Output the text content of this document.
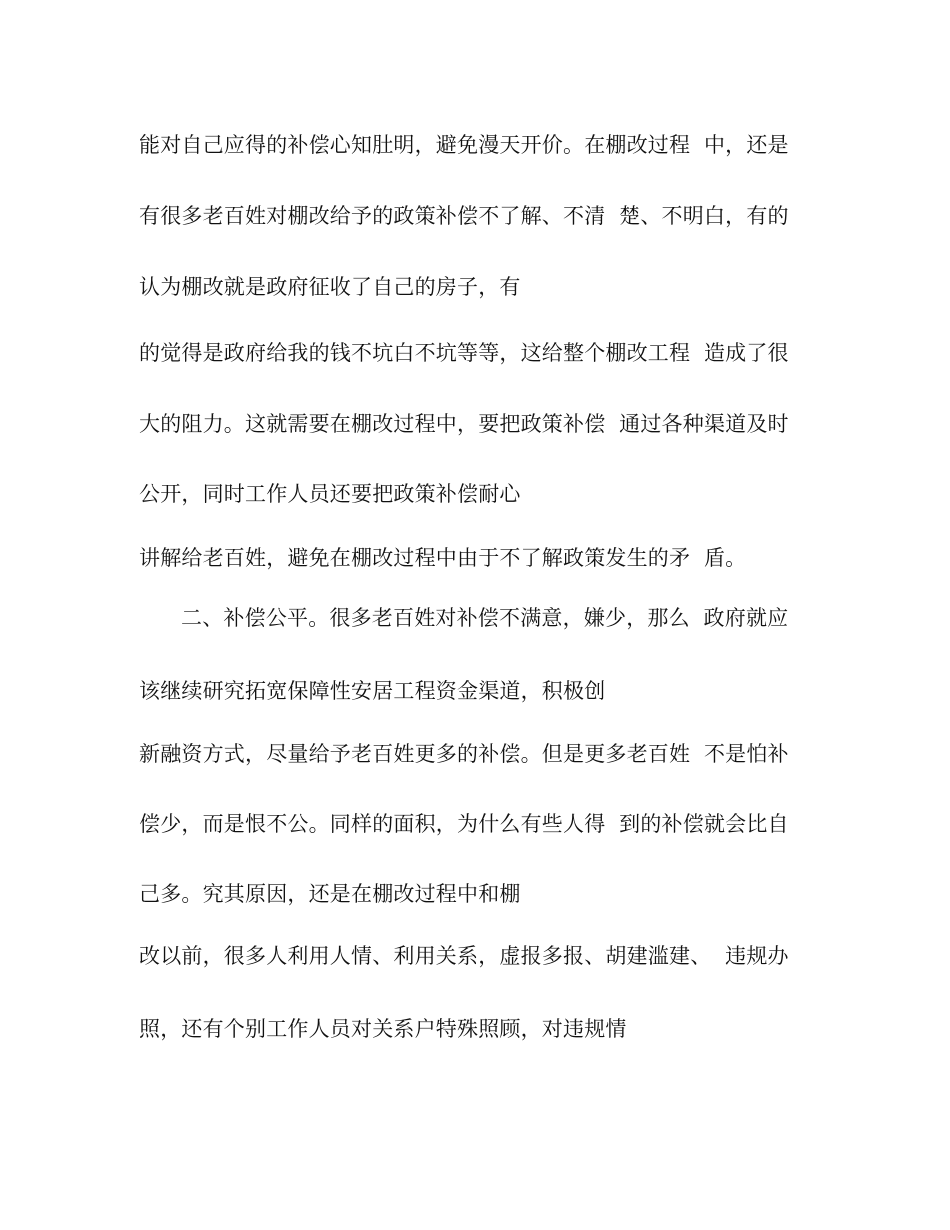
能对自己应得的补偿心知肚明，避免漫天开价。在棚改过程  中，还是
有很多老百姓对棚改给予的政策补偿不了解、不清  楚、不明白，有的
认为棚改就是政府征收了自己的房子，有
的觉得是政府给我的钱不坑白不坑等等，这给整个棚改工程  造成了很
大的阻力。这就需要在棚改过程中，要把政策补偿  通过各种渠道及时
公开，同时工作人员还要把政策补偿耐心
讲解给老百姓，避免在棚改过程中由于不了解政策发生的矛  盾。
二、补偿公平。很多老百姓对补偿不满意，嫌少，那么  政府就应
该继续研究拓宽保障性安居工程资金渠道，积极创
新融资方式，尽量给予老百姓更多的补偿。但是更多老百姓  不是怕补
偿少，而是恨不公。同样的面积，为什么有些人得  到的补偿就会比自
己多。究其原因，还是在棚改过程中和棚
改以前，很多人利用人情、利用关系，虚报多报、胡建滥建、  违规办
照，还有个别工作人员对关系户特殊照顾，对违规情
